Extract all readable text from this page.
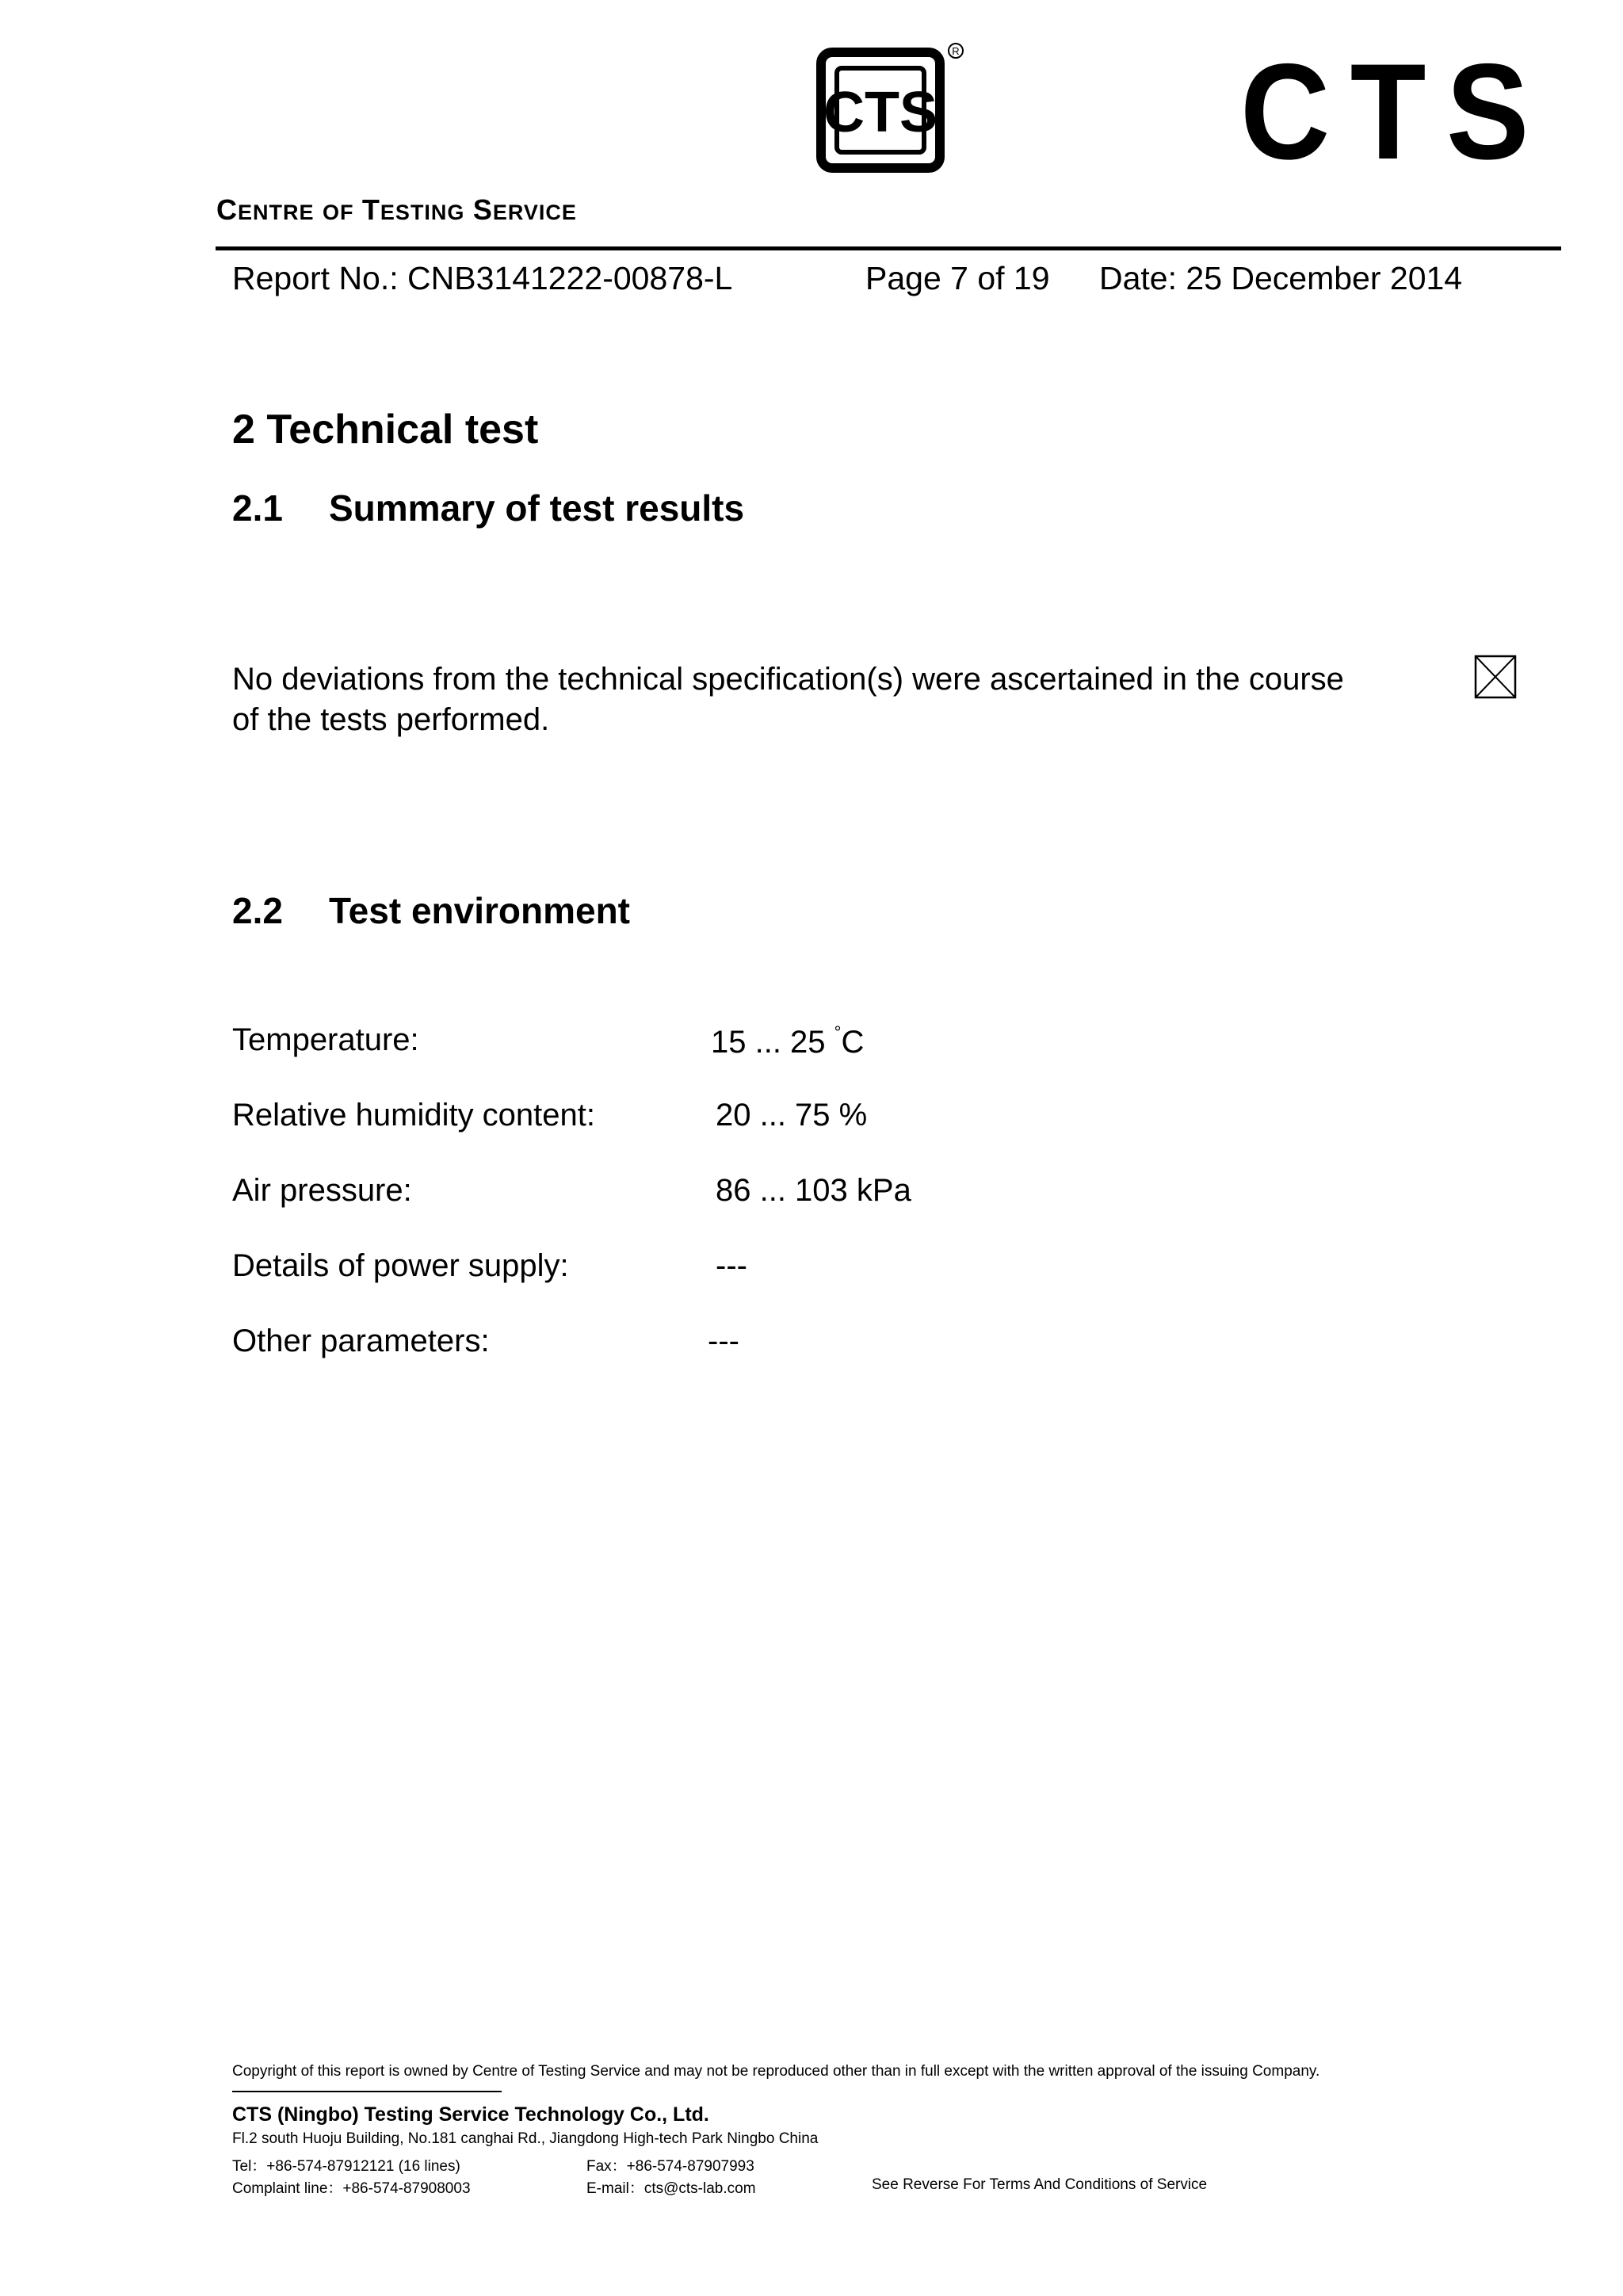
CTS
R CTS
CENTRE OF TESTING SERVICE
Report No.: CNB3141222-00878-L	Page 7 of 19 Date: 25 December 2014
2 Technical test
2.1 Summary of test results
No deviations from the technical specification(s) were ascertained in the course
of the tests performed.
2.2 Test environment
Temperature:	15 ... 25 °C
Relative humidity content:	20 ... 75 %
Air pressure:	86 ... 103 kPa
Details of power supply:	---
Other parameters:	---
Copyright of this report is owned by Centre of Testing Service and may not be reproduced other than in full except with the written approval of the issuing Company.
CTS (Ningbo) Testing Service Technology Co., Ltd.
Fl.2 south Huoju Building, No.181 canghai Rd., Jiangdong High-tech Park Ningbo China
Tel：+86-574-87912121 (16 lines)	Fax：+86-574-87907993
Complaint line：+86-574-87908003	E-mail：cts@cts-lab.com	See Reverse For Terms And Conditions of Service
